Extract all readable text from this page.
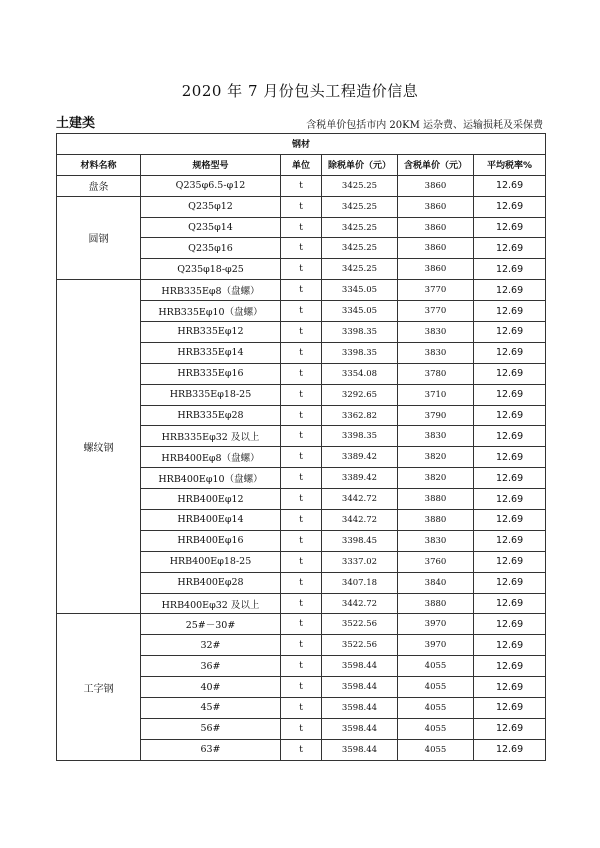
2020 年 7 月份包头工程造价信息
土建类	含税单价包括市内 20KM 运杂费、运输损耗及采保费
钢材					
材料名称	规格型号	单位	除税单价（元）	含税单价（元）	平均税率%
盘条	Q235φ6.5-φ12	t	3425.25	3860	12.69
圆钢	Q235φ12	t	3425.25	3860	12.69
	Q235φ14	t	3425.25	3860	12.69
	Q235φ16	t	3425.25	3860	12.69
	Q235φ18-φ25	t	3425.25	3860	12.69
螺纹钢	HRB335Eφ8（盘螺）	t	3345.05	3770	12.69
	HRB335Eφ10（盘螺）	t	3345.05	3770	12.69
	HRB335Eφ12	t	3398.35	3830	12.69
	HRB335Eφ14	t	3398.35	3830	12.69
	HRB335Eφ16	t	3354.08	3780	12.69
	HRB335Eφ18-25	t	3292.65	3710	12.69
	HRB335Eφ28	t	3362.82	3790	12.69
	HRB335Eφ32 及以上	t	3398.35	3830	12.69
	HRB400Eφ8（盘螺）	t	3389.42	3820	12.69
	HRB400Eφ10（盘螺）	t	3389.42	3820	12.69
	HRB400Eφ12	t	3442.72	3880	12.69
	HRB400Eφ14	t	3442.72	3880	12.69
	HRB400Eφ16	t	3398.45	3830	12.69
	HRB400Eφ18-25	t	3337.02	3760	12.69
	HRB400Eφ28	t	3407.18	3840	12.69
	HRB400Eφ32 及以上	t	3442.72	3880	12.69
工字钢	25#－30#	t	3522.56	3970	12.69
	32#	t	3522.56	3970	12.69
	36#	t	3598.44	4055	12.69
	40#	t	3598.44	4055	12.69
	45#	t	3598.44	4055	12.69
	56#	t	3598.44	4055	12.69
	63#	t	3598.44	4055	12.69
